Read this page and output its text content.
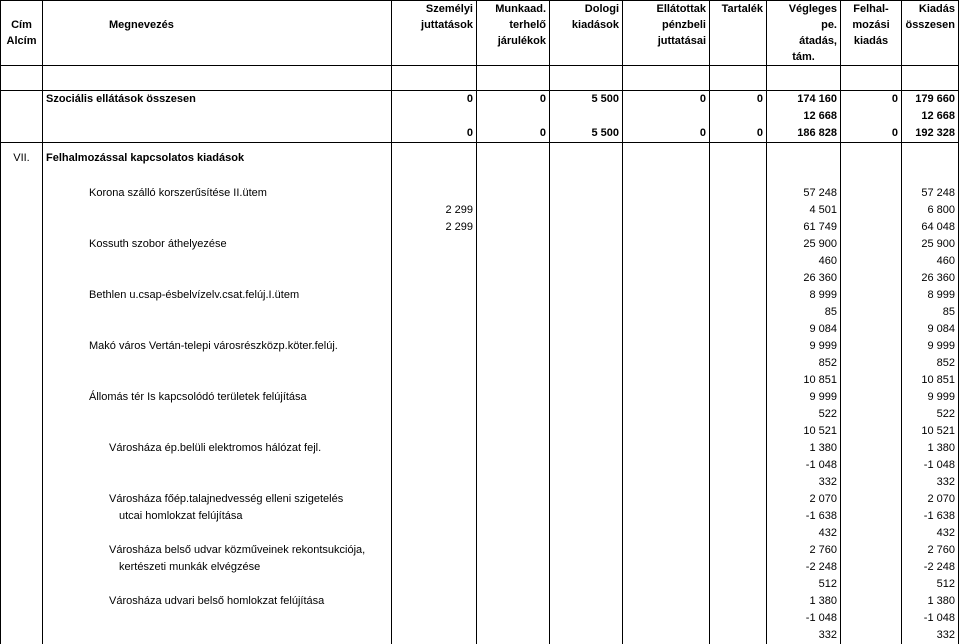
		Személyi	Munkaad.	Dologi	Ellátottak	Tartalék	Végleges	Felhal-	Kiadás
Cím	Megnevezés	juttatások	terhelő	kiadások	pénzbeli		pe.	mozási	összesen
Alcím			járulékok		juttatásai		átadás,	kiadás	
							tám.		

	Szociális ellátások összesen	0	0	5 500	0	0	174 160	0	179 660
							12 668		12 668
		0	0	5 500	0	0	186 828	0	192 328
VII.	Felhalmozással kapcsolatos kiadások								

	Korona szálló korszerűsítése II.ütem						57 248		57 248
		2 299					4 501		6 800
		2 299					61 749		64 048
	Kossuth szobor áthelyezése						25 900		25 900
							460		460
							26 360		26 360
	Bethlen u.csap-ésbelvízelv.csat.felúj.I.ütem						8 999		8 999
							85		85
							9 084		9 084
	Makó város Vertán-telepi városrészközp.köter.felúj.						9 999		9 999
							852		852
							10 851		10 851
	Állomás tér Is kapcsolódó területek felújítása						9 999		9 999
							522		522
							10 521		10 521
	Városháza ép.belüli elektromos hálózat fejl.						1 380		1 380
							-1 048		-1 048
							332		332
	Városháza főép.talajnedvesség elleni szigetelés						2 070		2 070
	utcai homlokzat felújítása						-1 638		-1 638
							432		432
	Városháza belső udvar közműveinek rekontsukciója,						2 760		2 760
	kertészeti munkák elvégzése						-2 248		-2 248
							512		512
	Városháza udvari belső homlokzat felújítása						1 380		1 380
							-1 048		-1 048
							332		332
